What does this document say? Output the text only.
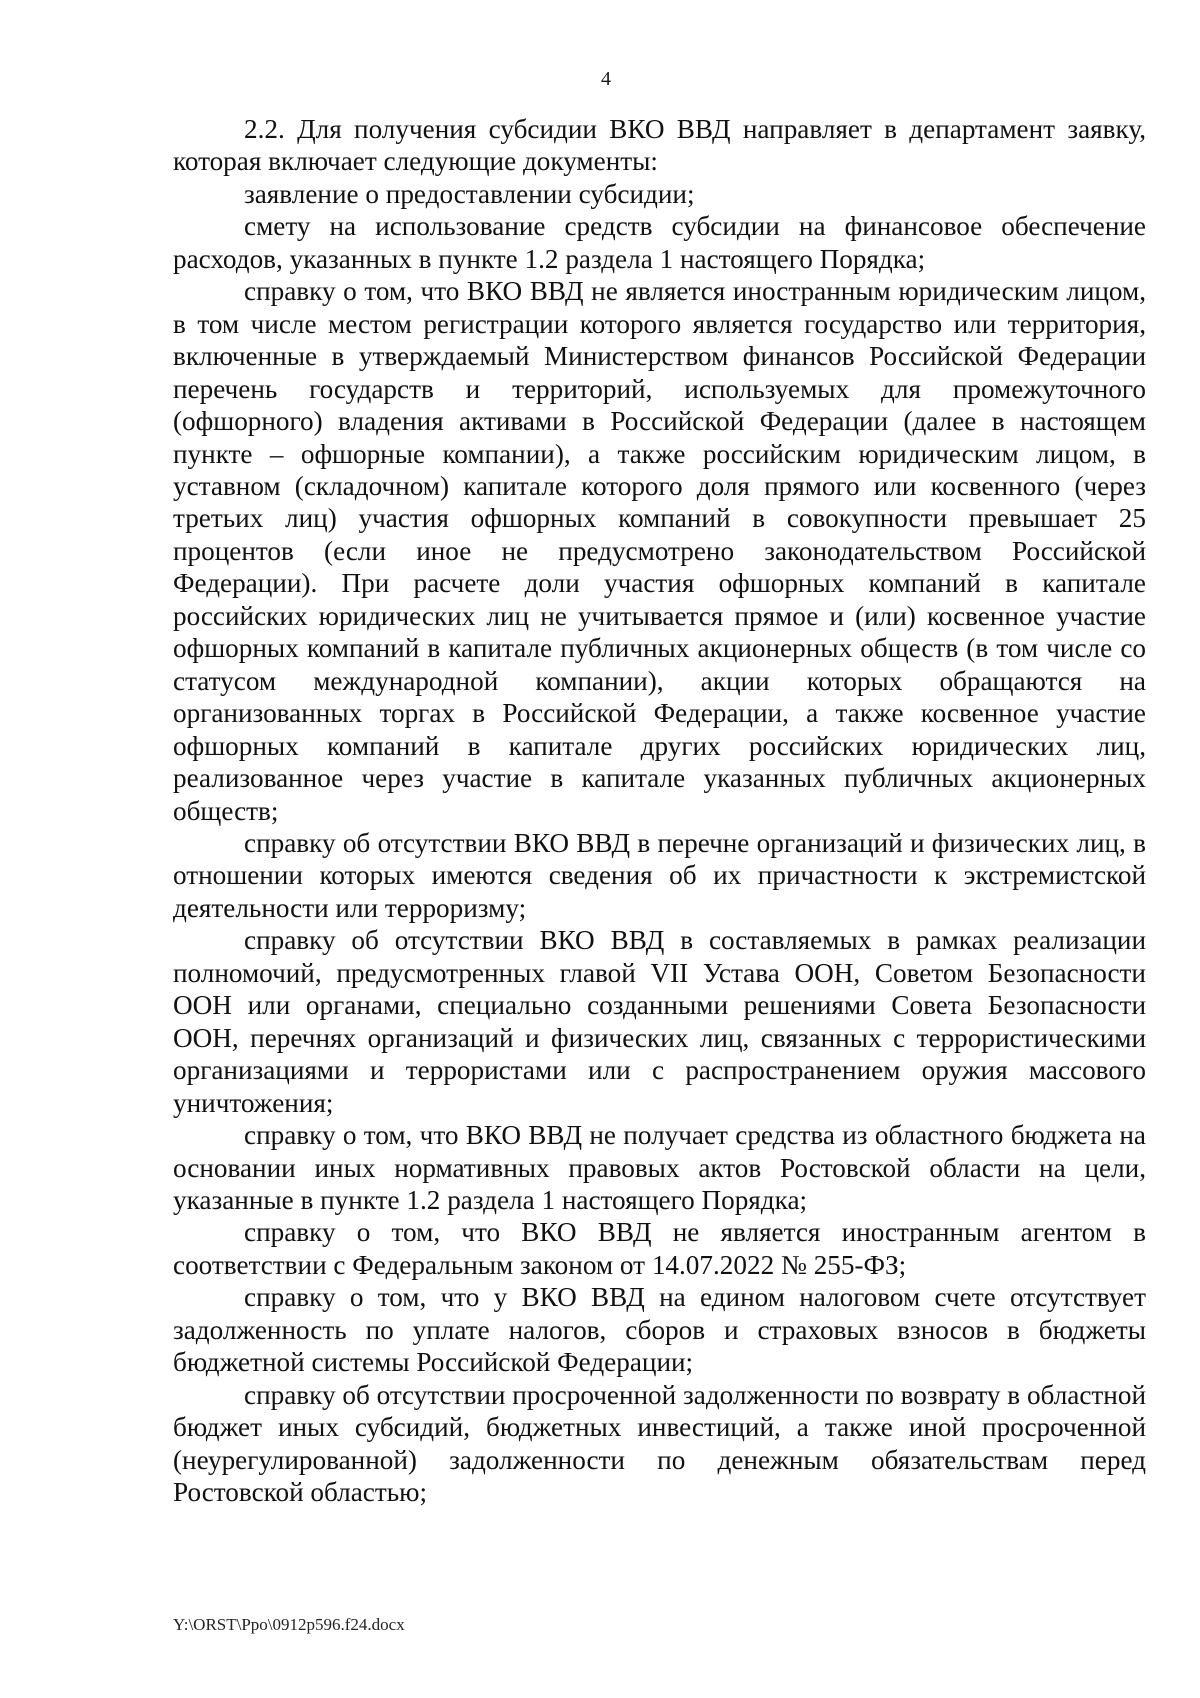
4

2.2. Для получения субсидии ВКО ВВД направляет в департамент заявку, которая включает следующие документы:

заявление о предоставлении субсидии;

смету на использование средств субсидии на финансовое обеспечение расходов, указанных в пункте 1.2 раздела 1 настоящего Порядка;

справку о том, что ВКО ВВД не является иностранным юридическим лицом, в том числе местом регистрации которого является государство или территория, включенные в утверждаемый Министерством финансов Российской Федерации перечень государств и территорий, используемых для промежуточного (офшорного) владения активами в Российской Федерации (далее в настоящем пункте – офшорные компании), а также российским юридическим лицом, в уставном (складочном) капитале которого доля прямого или косвенного (через третьих лиц) участия офшорных компаний в совокупности превышает 25 процентов (если иное не предусмотрено законодательством Российской Федерации). При расчете доли участия офшорных компаний в капитале российских юридических лиц не учитывается прямое и (или) косвенное участие офшорных компаний в капитале публичных акционерных обществ (в том числе со статусом международной компании), акции которых обращаются на организованных торгах в Российской Федерации, а также косвенное участие офшорных компаний в капитале других российских юридических лиц, реализованное через участие в капитале указанных публичных акционерных обществ;

справку об отсутствии ВКО ВВД в перечне организаций и физических лиц, в отношении которых имеются сведения об их причастности к экстремистской деятельности или терроризму;

справку об отсутствии ВКО ВВД в составляемых в рамках реализации полномочий, предусмотренных главой VII Устава ООН, Советом Безопасности ООН или органами, специально созданными решениями Совета Безопасности ООН, перечнях организаций и физических лиц, связанных с террористическими организациями и террористами или с распространением оружия массового уничтожения;

справку о том, что ВКО ВВД не получает средства из областного бюджета на основании иных нормативных правовых актов Ростовской области на цели, указанные в пункте 1.2 раздела 1 настоящего Порядка;

справку о том, что ВКО ВВД не является иностранным агентом в соответствии с Федеральным законом от 14.07.2022 № 255-ФЗ;

справку о том, что у ВКО ВВД на едином налоговом счете отсутствует задолженность по уплате налогов, сборов и страховых взносов в бюджеты бюджетной системы Российской Федерации;

справку об отсутствии просроченной задолженности по возврату в областной бюджет иных субсидий, бюджетных инвестиций, а также иной просроченной (неурегулированной) задолженности по денежным обязательствам перед Ростовской областью;

Y:\ORST\Ppo\0912p596.f24.docx
